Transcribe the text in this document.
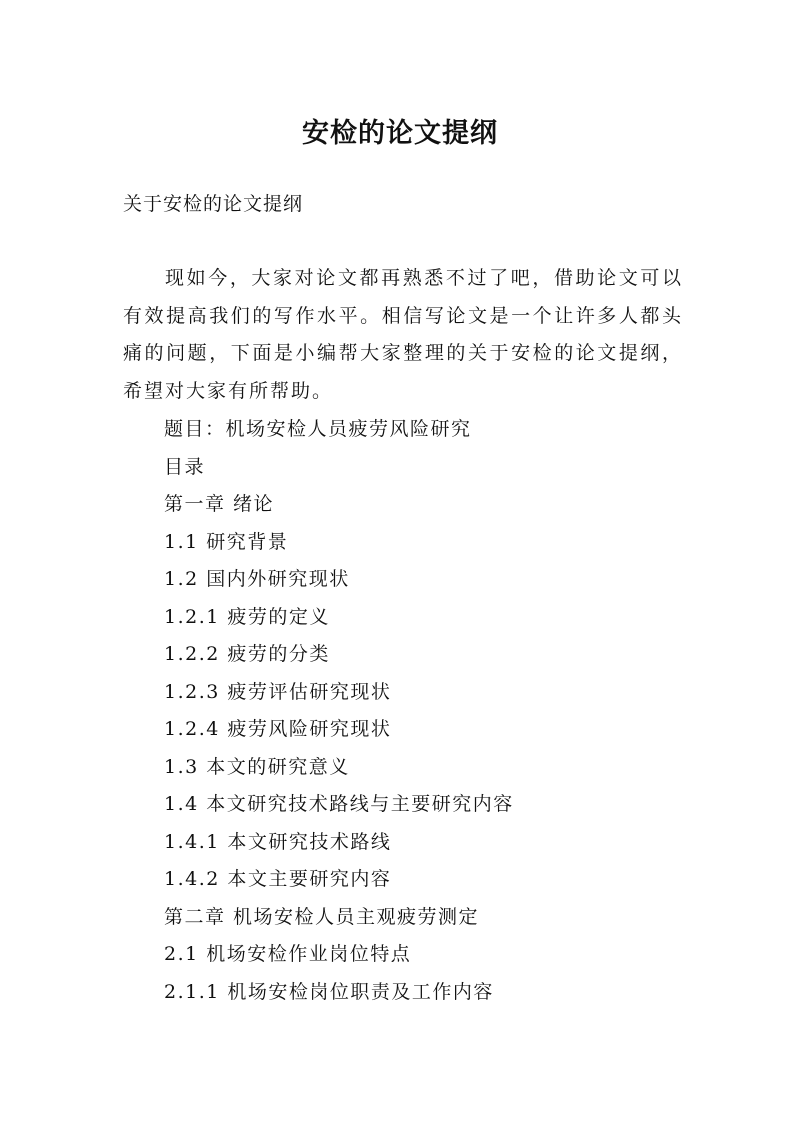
安检的论文提纲
关于安检的论文提纲

现如今，大家对论文都再熟悉不过了吧，借助论文可以有效提高我们的写作水平。相信写论文是一个让许多人都头痛的问题，下面是小编帮大家整理的关于安检的论文提纲，希望对大家有所帮助。

题目：机场安检人员疲劳风险研究
目录
第一章 绪论
1.1 研究背景
1.2 国内外研究现状
1.2.1 疲劳的定义
1.2.2 疲劳的分类
1.2.3 疲劳评估研究现状
1.2.4 疲劳风险研究现状
1.3 本文的研究意义
1.4 本文研究技术路线与主要研究内容
1.4.1 本文研究技术路线
1.4.2 本文主要研究内容
第二章 机场安检人员主观疲劳测定
2.1 机场安检作业岗位特点
2.1.1 机场安检岗位职责及工作内容
